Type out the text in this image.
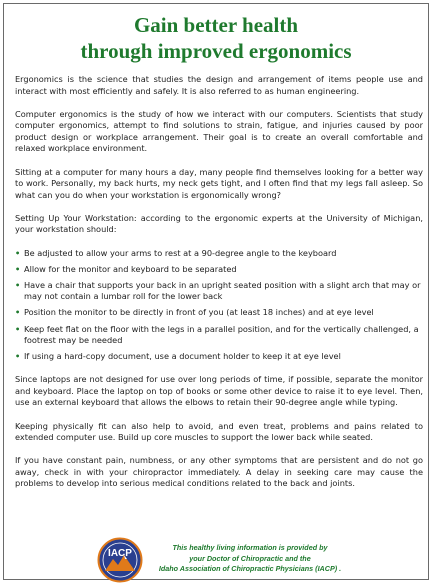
Gain better health
through improved ergonomics

Ergonomics is the science that studies the design and arrangement of items people use and interact with most efficiently and safely. It is also referred to as human engineering.

Computer ergonomics is the study of how we interact with our computers. Scientists that study computer ergonomics, attempt to find solutions to strain, fatigue, and injuries caused by poor product design or workplace arrangement. Their goal is to create an overall comfortable and relaxed workplace environment.

Sitting at a computer for many hours a day, many people find themselves looking for a better way to work. Personally, my back hurts, my neck gets tight, and I often find that my legs fall asleep. So what can you do when your workstation is ergonomically wrong?

Setting Up Your Workstation: according to the ergonomic experts at the University of Michigan, your workstation should:

• Be adjusted to allow your arms to rest at a 90-degree angle to the keyboard
• Allow for the monitor and keyboard to be separated
• Have a chair that supports your back in an upright seated position with a slight arch that may or may not contain a lumbar roll for the lower back
• Position the monitor to be directly in front of you (at least 18 inches) and at eye level
• Keep feet flat on the floor with the legs in a parallel position, and for the vertically challenged, a footrest may be needed
• If using a hard-copy document, use a document holder to keep it at eye level

Since laptops are not designed for use over long periods of time, if possible, separate the monitor and keyboard. Place the laptop on top of books or some other device to raise it to eye level. Then, use an external keyboard that allows the elbows to retain their 90-degree angle while typing.

Keeping physically fit can also help to avoid, and even treat, problems and pains related to extended computer use. Build up core muscles to support the lower back while seated.

If you have constant pain, numbness, or any other symptoms that are persistent and do not go away, check in with your chiropractor immediately. A delay in seeking care may cause the problems to develop into serious medical conditions related to the back and joints.

IACP
This healthy living information is provided by
your Doctor of Chiropractic and the
Idaho Association of Chiropractic Physicians (IACP) .
